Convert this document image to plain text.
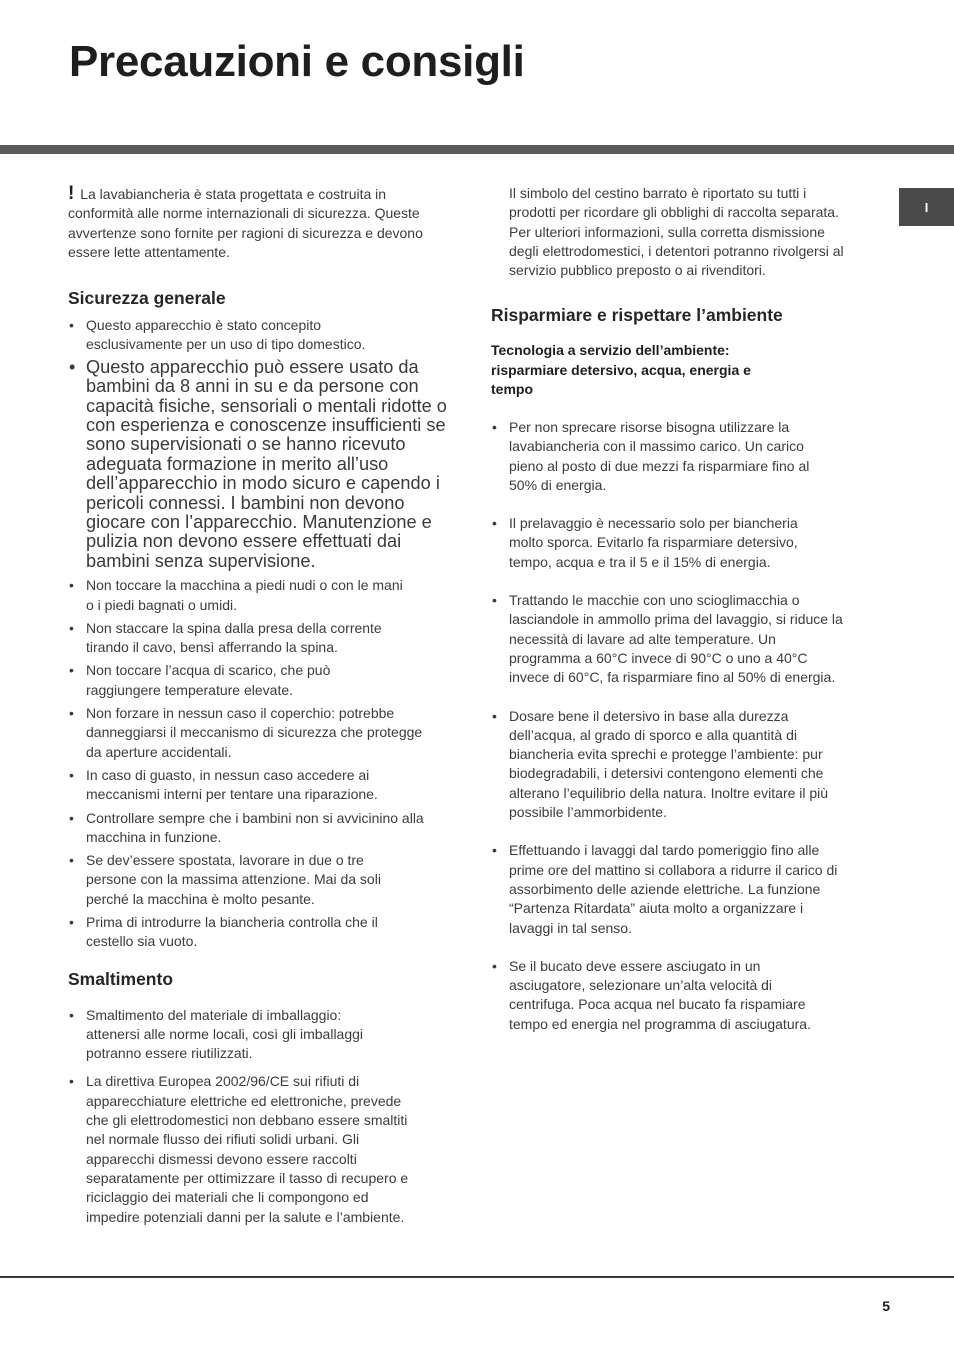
Precauzioni e consigli
I

! La lavabiancheria è stata progettata e costruita in conformità alle norme internazionali di sicurezza. Queste avvertenze sono fornite per ragioni di sicurezza e devono essere lette attentamente.

Sicurezza generale
• Questo apparecchio è stato concepito esclusivamente per un uso di tipo domestico.
• Questo apparecchio può essere usato da bambini da 8 anni in su e da persone con capacità fisiche, sensoriali o mentali ridotte o con esperienza e conoscenze insufficienti se sono supervisionati o se hanno ricevuto adeguata formazione in merito all’uso dell’apparecchio in modo sicuro e capendo i pericoli connessi. I bambini non devono giocare con l’apparecchio. Manutenzione e pulizia non devono essere effettuati dai bambini senza supervisione.
• Non toccare la macchina a piedi nudi o con le mani o i piedi bagnati o umidi.
• Non staccare la spina dalla presa della corrente tirando il cavo, bensì afferrando la spina.
• Non toccare l’acqua di scarico, che può raggiungere temperature elevate.
• Non forzare in nessun caso il coperchio: potrebbe danneggiarsi il meccanismo di sicurezza che protegge da aperture accidentali.
• In caso di guasto, in nessun caso accedere ai meccanismi interni per tentare una riparazione.
• Controllare sempre che i bambini non si avvicinino alla macchina in funzione.
• Se dev’essere spostata, lavorare in due o tre persone con la massima attenzione. Mai da soli perché la macchina è molto pesante.
• Prima di introdurre la biancheria controlla che il cestello sia vuoto.
Smaltimento
• Smaltimento del materiale di imballaggio: attenersi alle norme locali, così gli imballaggi potranno essere riutilizzati.
• La direttiva Europea 2002/96/CE sui rifiuti di apparecchiature elettriche ed elettroniche, prevede che gli elettrodomestici non debbano essere smaltiti nel normale flusso dei rifiuti solidi urbani. Gli apparecchi dismessi devono essere raccolti separatamente per ottimizzare il tasso di recupero e riciclaggio dei materiali che li compongono ed impedire potenziali danni per la salute e l’ambiente.

Il simbolo del cestino barrato è riportato su tutti i prodotti per ricordare gli obblighi di raccolta separata. Per ulteriori informazioni, sulla corretta dismissione degli elettrodomestici, i detentori potranno rivolgersi al servizio pubblico preposto o ai rivenditori.

Risparmiare e rispettare l’ambiente

Tecnologia a servizio dell’ambiente: risparmiare detersivo, acqua, energia e tempo

• Per non sprecare risorse bisogna utilizzare la lavabiancheria con il massimo carico. Un carico pieno al posto di due mezzi fa risparmiare fino al 50% di energia.
• Il prelavaggio è necessario solo per biancheria molto sporca. Evitarlo fa risparmiare detersivo, tempo, acqua e tra il 5 e il 15% di energia.
• Trattando le macchie con uno scioglimacchia o lasciandole in ammollo prima del lavaggio, si riduce la necessità di lavare ad alte temperature. Un programma a 60°C invece di 90°C o uno a 40°C invece di 60°C, fa risparmiare fino al 50% di energia.
• Dosare bene il detersivo in base alla durezza dell’acqua, al grado di sporco e alla quantità di biancheria evita sprechi e protegge l’ambiente: pur biodegradabili, i detersivi contengono elementi che alterano l’equilibrio della natura. Inoltre evitare il più possibile l’ammorbidente.
• Effettuando i lavaggi dal tardo pomeriggio fino alle prime ore del mattino si collabora a ridurre il carico di assorbimento delle aziende elettriche. La funzione “Partenza Ritardata” aiuta molto a organizzare i lavaggi in tal senso.
• Se il bucato deve essere asciugato in un asciugatore, selezionare un’alta velocità di centrifuga. Poca acqua nel bucato fa rispamiare tempo ed energia nel programma di asciugatura.
5
